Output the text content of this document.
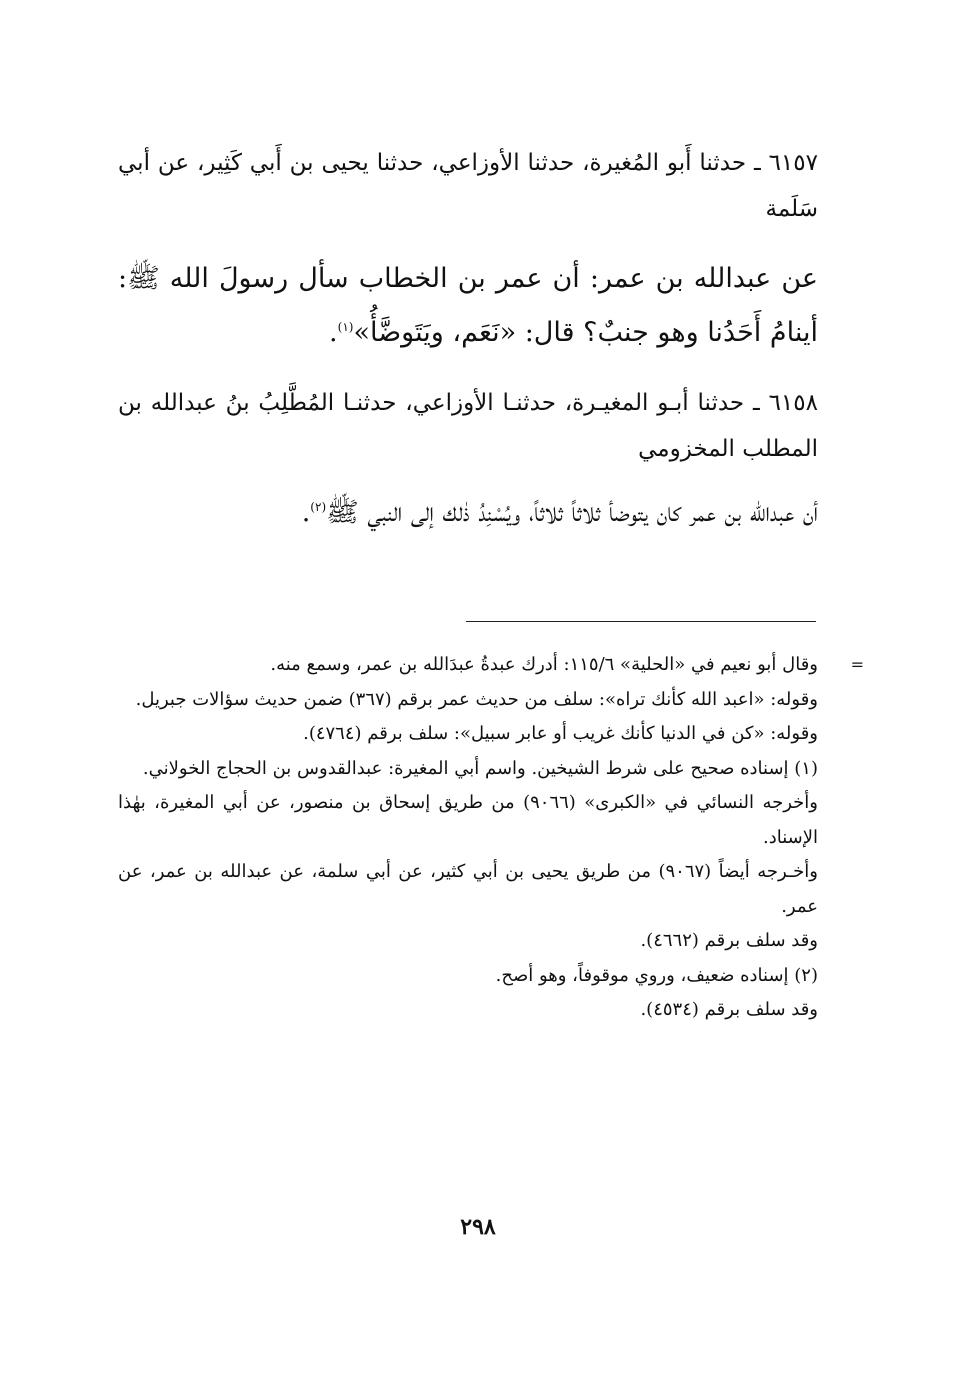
٦١٥٧ ـ حدثنا أَبو المُغيرة، حدثنا الأوزاعي، حدثنا يحيى بن أَبي كَثِير، عن أبي سَلَمة

عن عبدالله بن عمر: أن عمر بن الخطاب سأل رسولَ الله ﷺ: أينامُ أَحَدُنا وهو جنبٌ؟ قال: «نَعَم، ويَتَوضَّأُ»$^{(١)}$.

٦١٥٨ ـ حدثنا أبـو المغيـرة، حدثنـا الأوزاعي، حدثنـا المُطَّلِبُ بنُ عبدالله بن المطلب المخزومي

أن عبدالله بن عمر كان يتوضأ ثلاثاً ثلاثاً، ويُسْنِدُ ذٰلك إلى النبي ﷺ$^{(٢)}$.

=

وقال أبو نعيم في «الحلية» ١١٥/٦: أدرك عبدةُ عبدَالله بن عمر، وسمع منه.

وقوله: «اعبد الله كأنك تراه»: سلف من حديث عمر برقم (٣٦٧) ضمن حديث سؤالات جبريل.

وقوله: «كن في الدنيا كأنك غريب أو عابر سبيل»: سلف برقم (٤٧٦٤).

(١) إسناده صحيح على شرط الشيخين. واسم أبي المغيرة: عبدالقدوس بن الحجاج الخولاني.

وأخرجه النسائي في «الكبرى» (٩٠٦٦) من طريق إسحاق بن منصور، عن أبي المغيرة، بهٰذا الإسناد.

وأخـرجه أيضاً (٩٠٦٧) من طريق يحيى بن أبي كثير، عن أبي سلمة، عن عبدالله بن عمر، عن عمر.

وقد سلف برقم (٤٦٦٢).

(٢) إسناده ضعيف، وروي موقوفاً، وهو أصح.

وقد سلف برقم (٤٥٣٤).

٢٩٨
